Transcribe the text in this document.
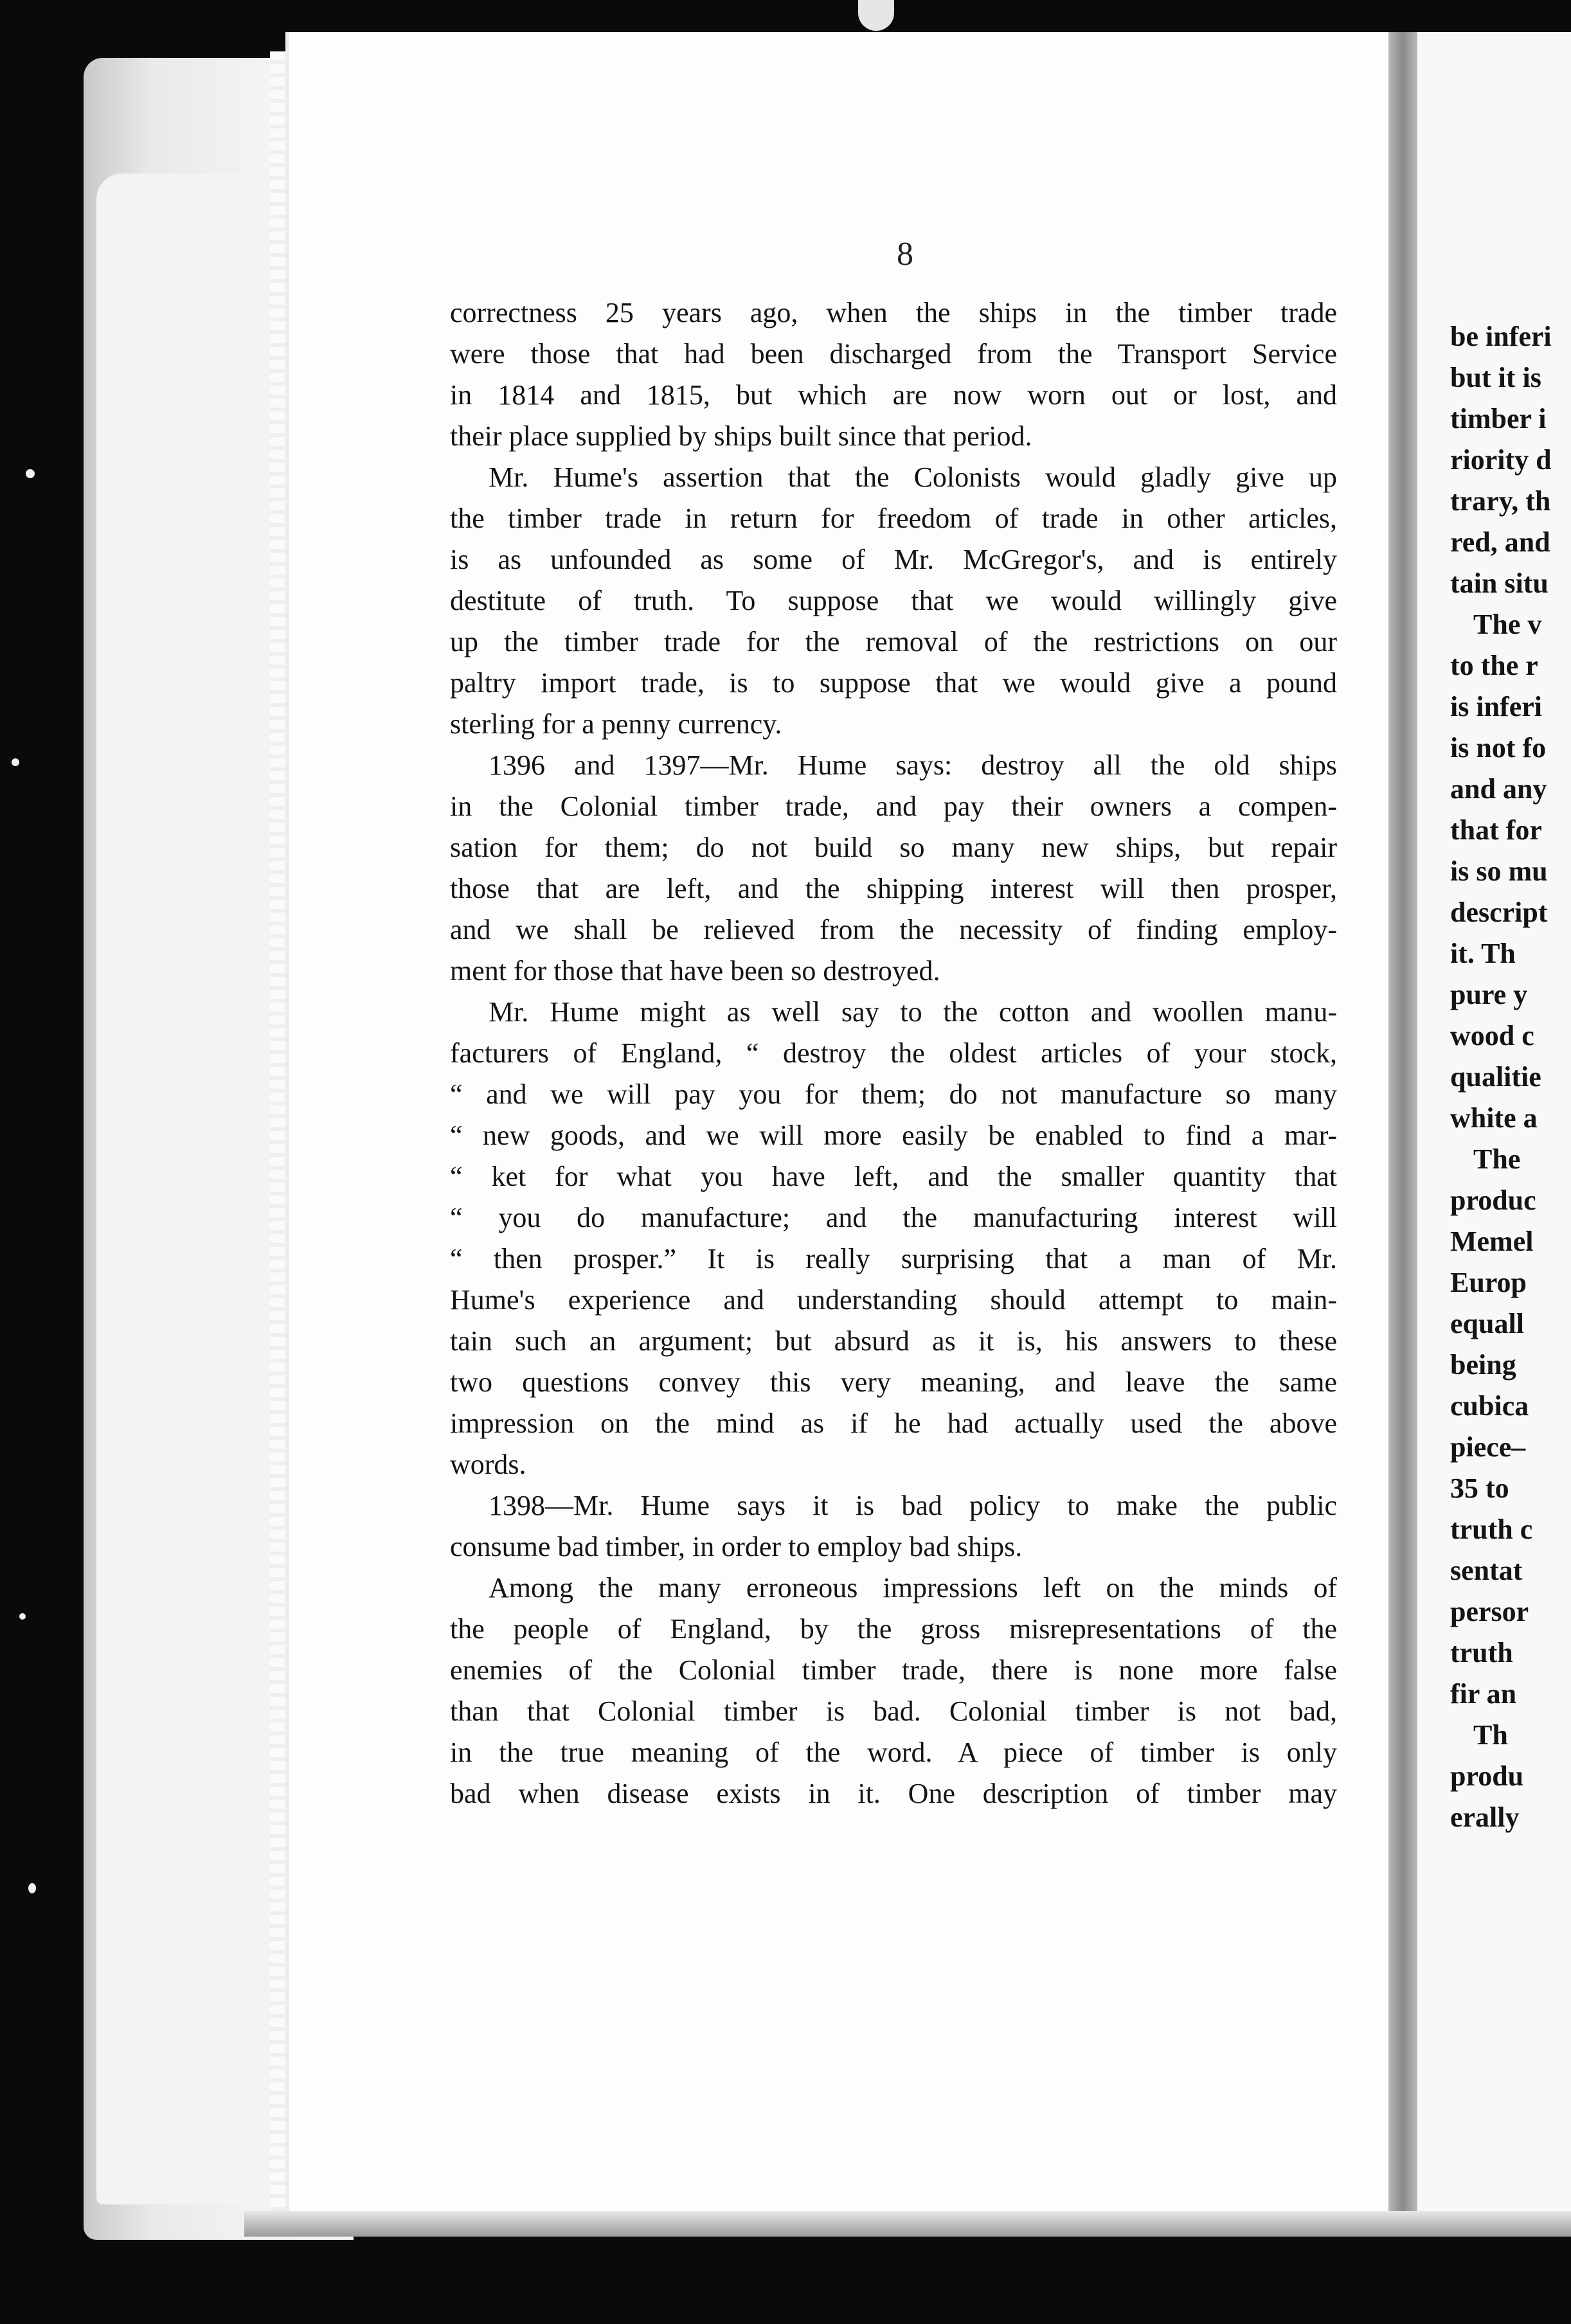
8

correctness 25 years ago, when the ships in the timber trade

were those that had been discharged from the Transport Service

in 1814 and 1815, but which are now worn out or lost, and

their place supplied by ships built since that period.

Mr. Hume's assertion that the Colonists would gladly give up

the timber trade in return for freedom of trade in other articles,

is as unfounded as some of Mr. McGregor's, and is entirely

destitute of truth. To suppose that we would willingly give

up the timber trade for the removal of the restrictions on our

paltry import trade, is to suppose that we would give a pound

sterling for a penny currency.

1396 and 1397—Mr. Hume says: destroy all the old ships

in the Colonial timber trade, and pay their owners a compen-

sation for them; do not build so many new ships, but repair

those that are left, and the shipping interest will then prosper,

and we shall be relieved from the necessity of finding employ-

ment for those that have been so destroyed.

Mr. Hume might as well say to the cotton and woollen manu-

facturers of England, “ destroy the oldest articles of your stock,

“ and we will pay you for them; do not manufacture so many

“ new goods, and we will more easily be enabled to find a mar-

“ ket for what you have left, and the smaller quantity that

“ you do manufacture; and the manufacturing interest will

“ then prosper.” It is really surprising that a man of Mr.

Hume's experience and understanding should attempt to main-

tain such an argument; but absurd as it is, his answers to these

two questions convey this very meaning, and leave the same

impression on the mind as if he had actually used the above

words.

1398—Mr. Hume says it is bad policy to make the public

consume bad timber, in order to employ bad ships.

Among the many erroneous impressions left on the minds of

the people of England, by the gross misrepresentations of the

enemies of the Colonial timber trade, there is none more false

than that Colonial timber is bad. Colonial timber is not bad,

in the true meaning of the word. A piece of timber is only

bad when disease exists in it. One description of timber may

be inferi

but it is

timber i

riority d

trary, th

red, and

tain situ

The v

to the r

is inferi

is not fo

and any

that for

is so mu

descript

it. Th

pure y

wood c

qualitie

white a

The

produc

Memel

Europ

equall

being

cubica

piece–

35 to

truth c

sentat

persor

truth

fir an

Th

produ

erally
